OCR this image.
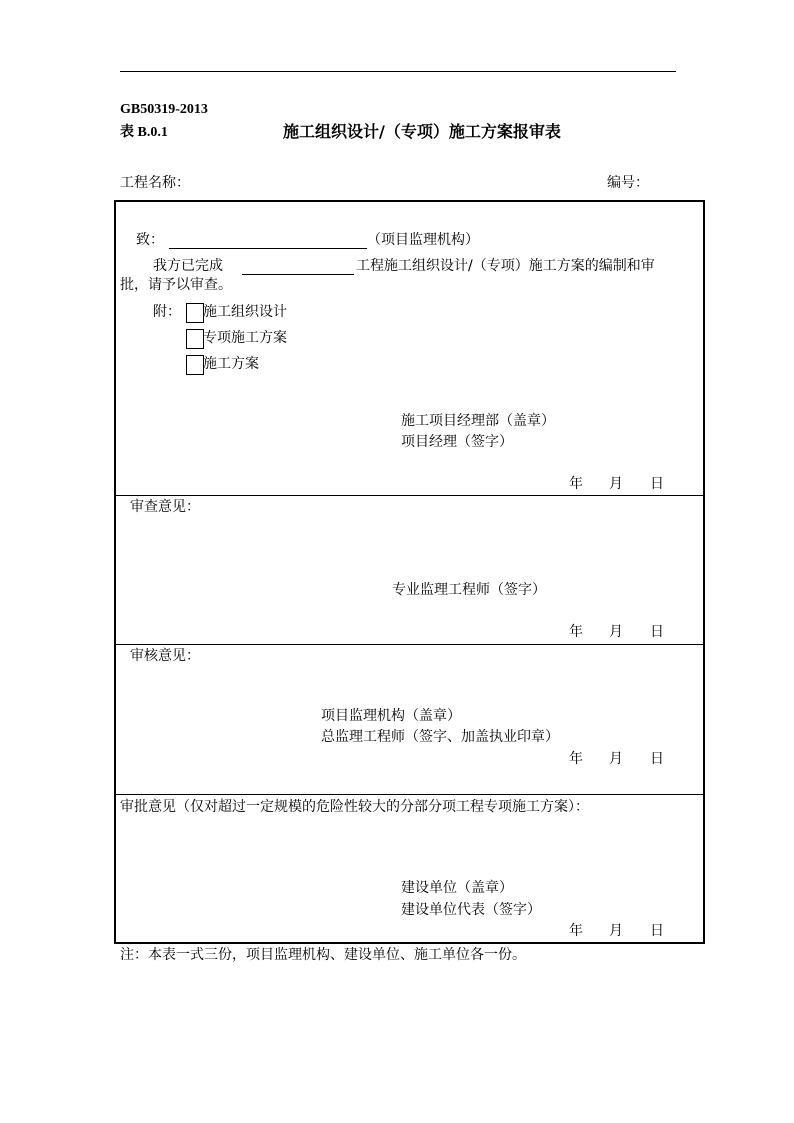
GB50319-2013
表 B.0.1	施工组织设计/（专项）施工方案报审表
工程名称：	编号：
致：	（项目监理机构）
我方已完成	工程施工组织设计/（专项）施工方案的编制和审
批，请予以审查。
附： 施工组织设计
专项施工方案
施工方案
施工项目经理部（盖章）
项目经理（签字）
年 月 日
审查意见：
专业监理工程师（签字）
年 月 日
审核意见：
项目监理机构（盖章）
总监理工程师（签字、加盖执业印章）
年 月 日
审批意见（仅对超过一定规模的危险性较大的分部分项工程专项施工方案）：
建设单位（盖章）
建设单位代表（签字）
年 月 日
注：本表一式三份，项目监理机构、建设单位、施工单位各一份。
